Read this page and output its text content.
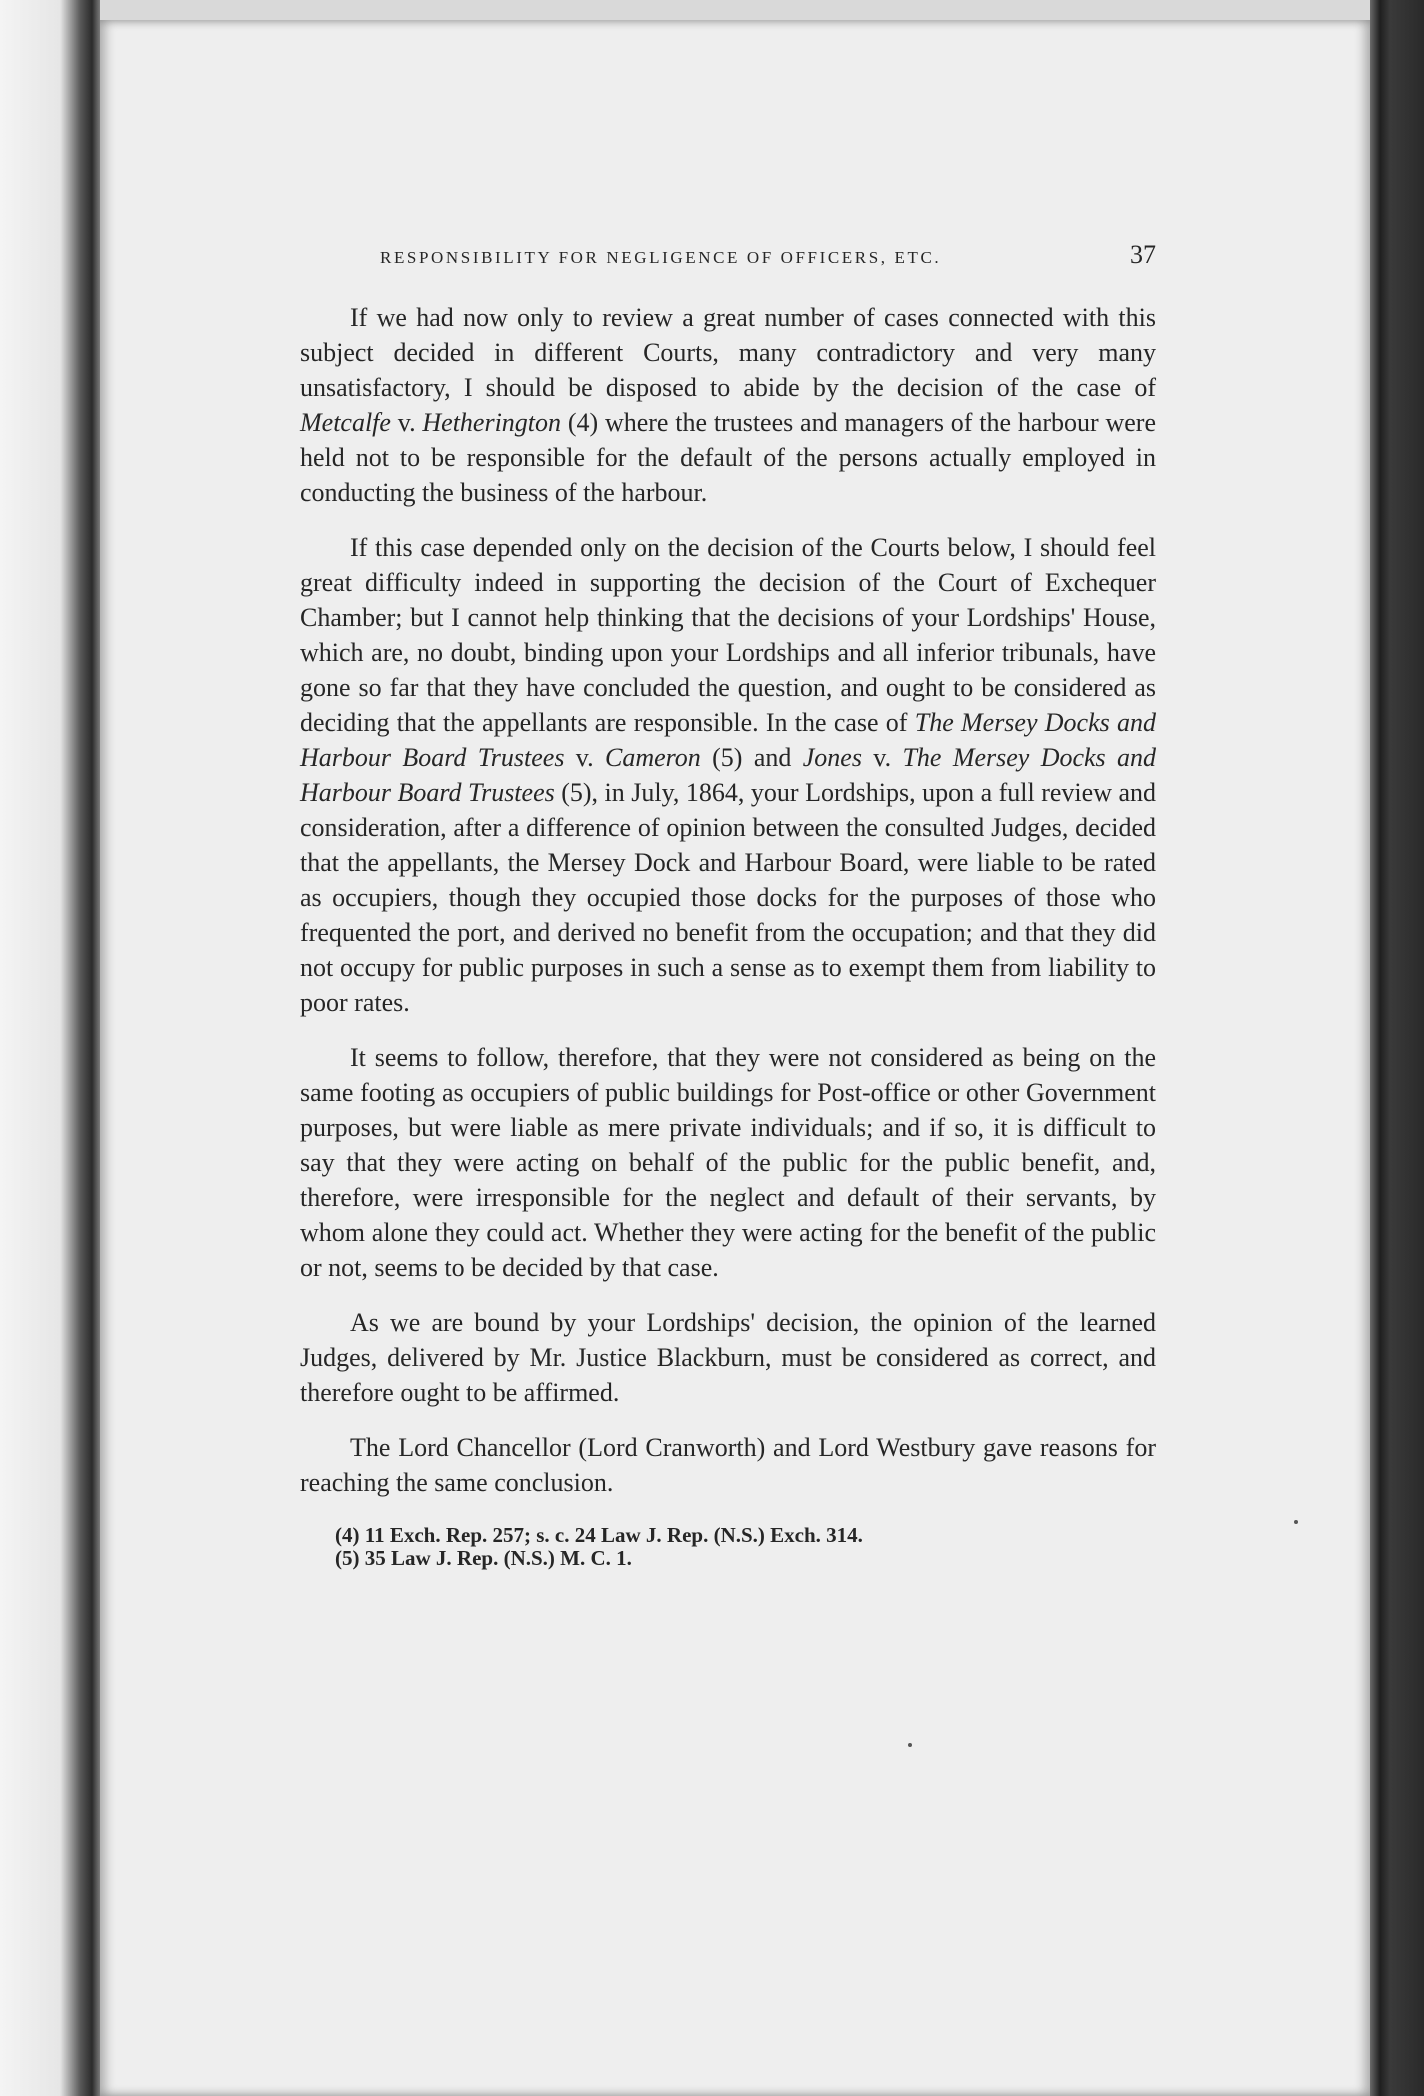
RESPONSIBILITY FOR NEGLIGENCE OF OFFICERS, ETC.	37

If we had now only to review a great number of cases connected with this subject decided in different Courts, many contradictory and very many unsatisfactory, I should be disposed to abide by the decision of the case of Metcalfe v. Hetherington (4) where the trustees and managers of the harbour were held not to be responsible for the default of the persons actually employed in conducting the business of the harbour.

If this case depended only on the decision of the Courts below, I should feel great difficulty indeed in supporting the decision of the Court of Exchequer Chamber; but I cannot help thinking that the decisions of your Lordships' House, which are, no doubt, binding upon your Lordships and all inferior tribunals, have gone so far that they have concluded the question, and ought to be considered as deciding that the appellants are responsible. In the case of The Mersey Docks and Harbour Board Trustees v. Cameron (5) and Jones v. The Mersey Docks and Harbour Board Trustees (5), in July, 1864, your Lordships, upon a full review and consideration, after a difference of opinion between the consulted Judges, decided that the appellants, the Mersey Dock and Harbour Board, were liable to be rated as occupiers, though they occupied those docks for the purposes of those who frequented the port, and derived no benefit from the occupation; and that they did not occupy for public purposes in such a sense as to exempt them from liability to poor rates.

It seems to follow, therefore, that they were not considered as being on the same footing as occupiers of public buildings for Post-office or other Government purposes, but were liable as mere private individuals; and if so, it is difficult to say that they were acting on behalf of the public for the public benefit, and, therefore, were irresponsible for the neglect and default of their servants, by whom alone they could act. Whether they were acting for the benefit of the public or not, seems to be decided by that case.

As we are bound by your Lordships' decision, the opinion of the learned Judges, delivered by Mr. Justice Blackburn, must be considered as correct, and therefore ought to be affirmed.

The Lord Chancellor (Lord Cranworth) and Lord Westbury gave reasons for reaching the same conclusion.

(4) 11 Exch. Rep. 257; s. c. 24 Law J. Rep. (N.S.) Exch. 314.
(5) 35 Law J. Rep. (N.S.) M. C. 1.
